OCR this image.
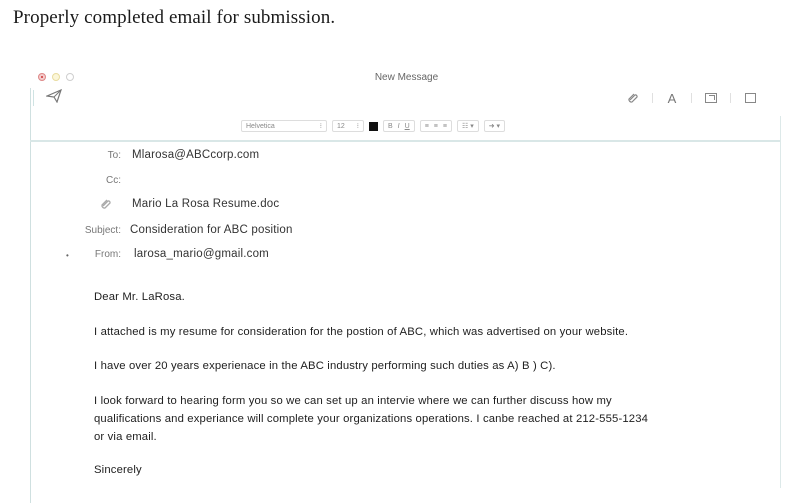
Properly completed email for submission.
New Message
A
Helvetica	⁝ 12 ⁝	B I U ≡ ≡ ≡ ☷ ▾ ➜ ▾
To: Mlarosa@ABCcorp.com
Cc:
Mario La Rosa Resume.doc
Subject: Consideration for ABC position
•	From: larosa_mario@gmail.com
Dear Mr. LaRosa.
I attached is my resume for consideration for the postion of ABC, which was advertised on your website.
I have over 20 years experienace in the ABC industry performing such duties as A) B ) C).
I look forward to hearing form you so we can set up an intervie where we can further discuss how my
qualifications and experiance will complete your organizations operations. I canbe reached at 212-555-1234
or via email.
Sincerely
